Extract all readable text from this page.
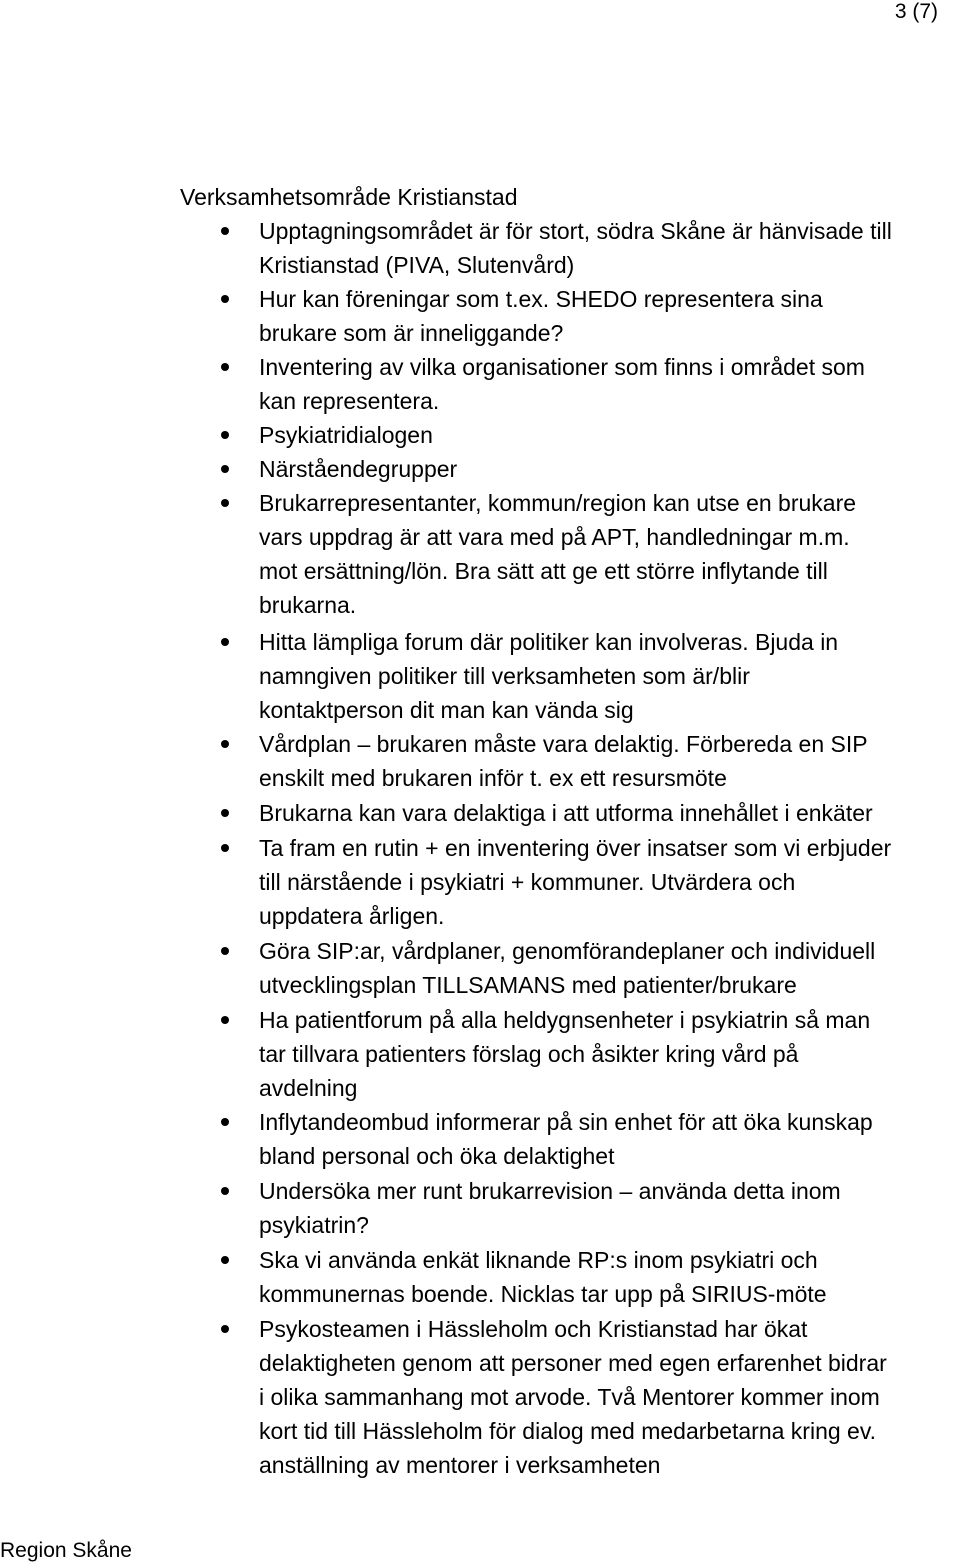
3 (7)
Verksamhetsområde Kristianstad
Upptagningsområdet är för stort, södra Skåne är hänvisade till
Kristianstad (PIVA, Slutenvård)
Hur kan föreningar som t.ex. SHEDO representera sina
brukare som är inneliggande?
Inventering av vilka organisationer som finns i området som
kan representera.
Psykiatridialogen
Närståendegrupper
Brukarrepresentanter, kommun/region kan utse en brukare
vars uppdrag är att vara med på APT, handledningar m.m.
mot ersättning/lön. Bra sätt att ge ett större inflytande till
brukarna.
Hitta lämpliga forum där politiker kan involveras. Bjuda in
namngiven politiker till verksamheten som är/blir
kontaktperson dit man kan vända sig
Vårdplan – brukaren måste vara delaktig. Förbereda en SIP
enskilt med brukaren inför t. ex ett resursmöte
Brukarna kan vara delaktiga i att utforma innehållet i enkäter
Ta fram en rutin + en inventering över insatser som vi erbjuder
till närstående i psykiatri + kommuner. Utvärdera och
uppdatera årligen.
Göra SIP:ar, vårdplaner, genomförandeplaner och individuell
utvecklingsplan TILLSAMANS med patienter/brukare
Ha patientforum på alla heldygnsenheter i psykiatrin så man
tar tillvara patienters förslag och åsikter kring vård på
avdelning
Inflytandeombud informerar på sin enhet för att öka kunskap
bland personal och öka delaktighet
Undersöka mer runt brukarrevision – använda detta inom
psykiatrin?
Ska vi använda enkät liknande RP:s inom psykiatri och
kommunernas boende. Nicklas tar upp på SIRIUS-möte
Psykosteamen i Hässleholm och Kristianstad har ökat
delaktigheten genom att personer med egen erfarenhet bidrar
i olika sammanhang mot arvode. Två Mentorer kommer inom
kort tid till Hässleholm för dialog med medarbetarna kring ev.
anställning av mentorer i verksamheten
Region Skåne
